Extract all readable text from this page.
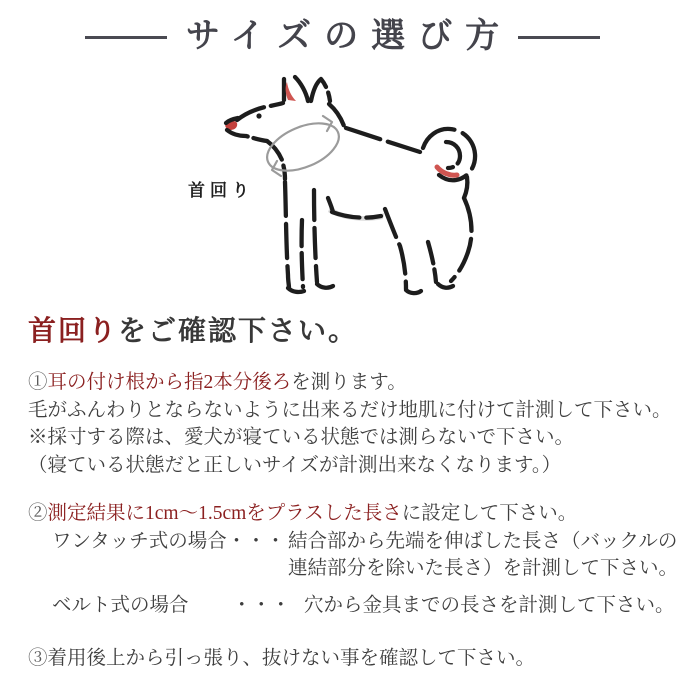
サイズの選び方
首回り
首回りをご確認下さい。

①耳の付け根から指2本分後ろを測ります。

毛がふんわりとならないように出来るだけ地肌に付けて計測して下さい。

※採寸する際は、愛犬が寝ている状態では測らないで下さい。

（寝ている状態だと正しいサイズが計測出来なくなります。）

②測定結果に1cm～1.5cmをプラスした長さに設定して下さい。

ワンタッチ式の場合 ・・・ 結合部から先端を伸ばした長さ（バックルの
連結部分を除いた長さ）を計測して下さい。
ベルト式の場合	・・・ 穴から金具までの長さを計測して下さい。

③着用後上から引っ張り、抜けない事を確認して下さい。
